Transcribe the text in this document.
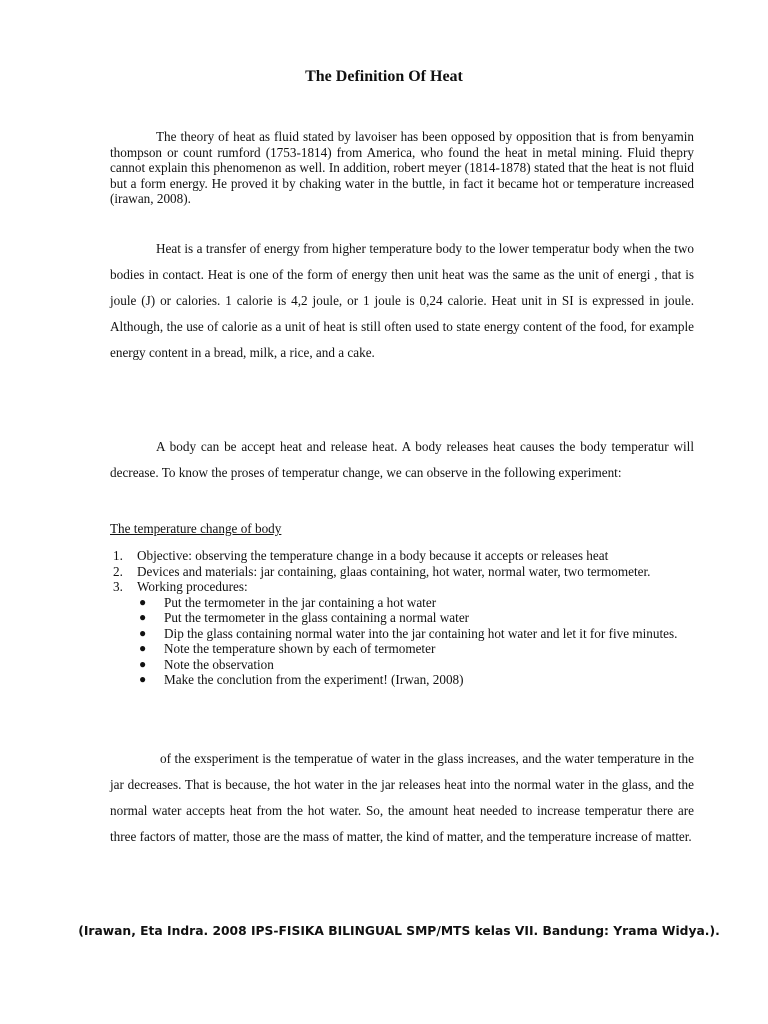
The Definition Of Heat

The theory of heat as fluid stated by lavoiser has been opposed by opposition that is from benyamin thompson or count rumford (1753-1814) from America, who found the heat in metal mining. Fluid thepry cannot explain this phenomenon as well. In addition, robert meyer (1814-1878) stated that the heat is not fluid but a form energy. He proved it by chaking water in the buttle, in fact it became hot or temperature increased (irawan, 2008).

Heat is a transfer of energy from higher temperature body to the lower temperatur body when the two bodies in contact. Heat is one of the form of energy then unit heat was the same as the unit of energi , that is joule (J) or calories. 1 calorie is 4,2 joule, or 1 joule is 0,24 calorie. Heat unit in SI is expressed in joule. Although, the use of calorie as a unit of heat is still often used to state energy content of the food, for example energy content in a bread, milk, a rice, and a cake.

A body can be accept heat and release heat. A body releases heat causes the body temperatur will decrease. To know the proses of temperatur change, we can observe in the following experiment:

The temperature change of body
1. Objective: observing the temperature change in a body because it accepts or releases heat
2. Devices and materials: jar containing, glaas containing, hot water, normal water, two termometer.
3. Working procedures:
● Put the termometer in the jar containing a hot water
● Put the termometer in the glass containing a normal water
● Dip the glass containing normal water into the jar containing hot water and let it for five minutes.
● Note the temperature shown by each of termometer
● Note the observation
● Make the conclution from the experiment! (Irwan, 2008)

of the exsperiment is the temperatue of water in the glass increases, and the water temperature in the jar decreases. That is because, the hot water in the jar releases heat into the normal water in the glass, and the normal water accepts heat from the hot water. So, the amount heat needed to increase temperatur there are three factors of matter, those are the mass of matter, the kind of matter, and the temperature increase of matter.

(Irawan, Eta Indra. 2008 IPS-FISIKA BILINGUAL SMP/MTS kelas VII. Bandung: Yrama Widya.).
